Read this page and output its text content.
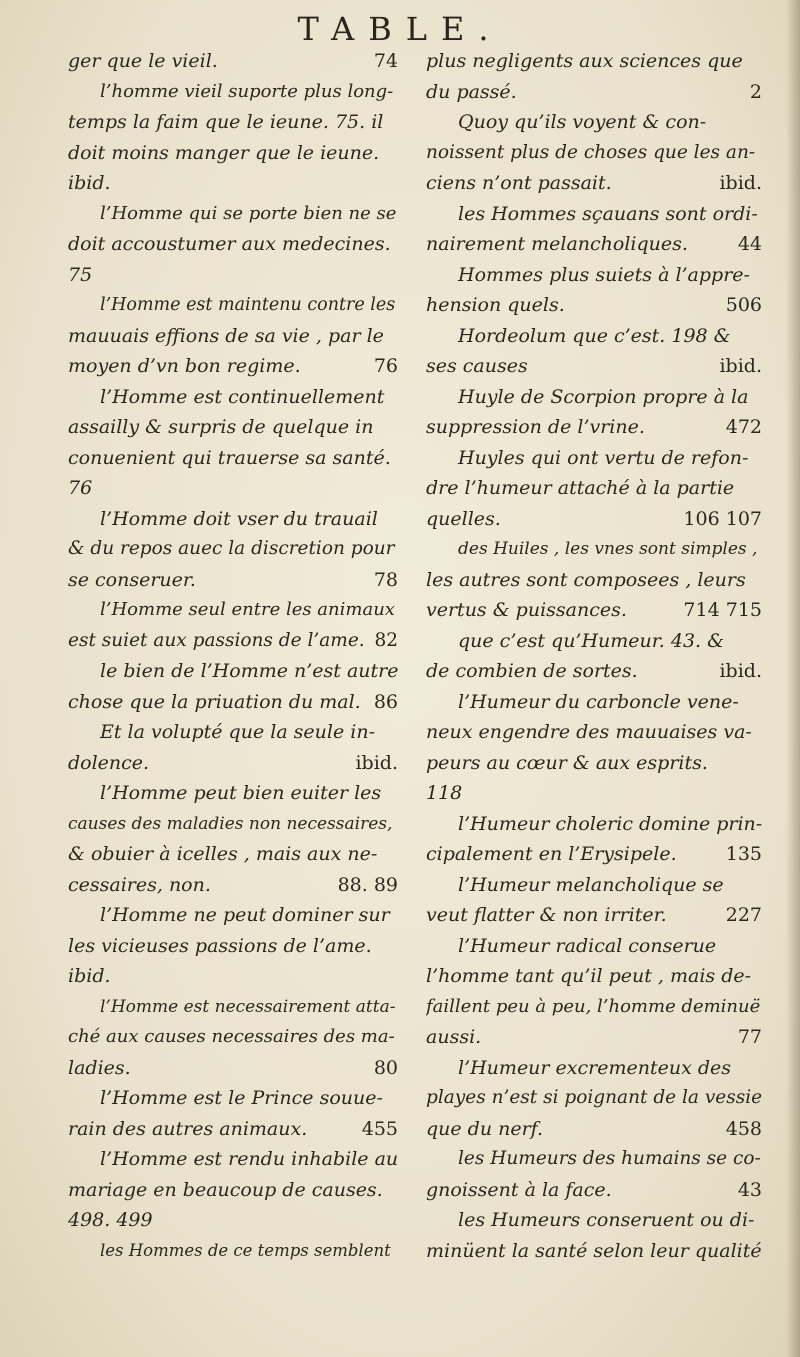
TABLE.
ger que le vieil.	74
l’homme vieil suporte plus long-
temps la faim que le ieune. 75. il
doit moins manger que le ieune.
ibid.
l’Homme qui se porte bien ne se
doit accoustumer aux medecines.
75
l’Homme est maintenu contre les
mauuais effions de sa vie , par le
moyen d’vn bon regime.	76
l’Homme est continuellement
assailly & surpris de quelque in
conuenient qui trauerse sa santé.
76
l’Homme doit vser du trauail
& du repos auec la discretion pour
se conseruer.	78
l’Homme seul entre les animaux
est suiet aux passions de l’ame. 82
le bien de l’Homme n’est autre
chose que la priuation du mal. 86
Et la volupté que la seule in-
dolence.	ibid.
l’Homme peut bien euiter les
causes des maladies non necessaires,
& obuier à icelles , mais aux ne-
cessaires, non.	88. 89
l’Homme ne peut dominer sur
les vicieuses passions de l’ame.
ibid.
l’Homme est necessairement atta-
ché aux causes necessaires des ma-
ladies.	80
l’Homme est le Prince souue-
rain des autres animaux.	455
l’Homme est rendu inhabile au
mariage en beaucoup de causes.
498. 499
les Hommes de ce temps semblent
plus negligents aux sciences que
du passé.	2
Quoy qu’ils voyent & con-
noissent plus de choses que les an-
ciens n’ont passait.	ibid.
les Hommes sçauans sont ordi-
nairement melancholiques.	44
Hommes plus suiets à l’appre-
hension quels.	506
Hordeolum que c’est. 198 &
ses causes	ibid.
Huyle de Scorpion propre à la
suppression de l’vrine.	472
Huyles qui ont vertu de refon-
dre l’humeur attaché à la partie
quelles.	106 107
des Huiles , les vnes sont simples ,
les autres sont composees , leurs
vertus & puissances.	714 715
que c’est qu’Humeur. 43. &
de combien de sortes.	ibid.
l’Humeur du carboncle vene-
neux engendre des mauuaises va-
peurs au cœur & aux esprits.
118
l’Humeur choleric domine prin-
cipalement en l’Erysipele.	135
l’Humeur melancholique se
veut flatter & non irriter.	227
l’Humeur radical conserue
l’homme tant qu’il peut , mais de-
faillent peu à peu, l’homme deminuë
aussi.	77
l’Humeur excrementeux des
playes n’est si poignant de la vessie
que du nerf.	458
les Humeurs des humains se co-
gnoissent à la face.	43
les Humeurs conseruent ou di-
minüent la santé selon leur qualité
